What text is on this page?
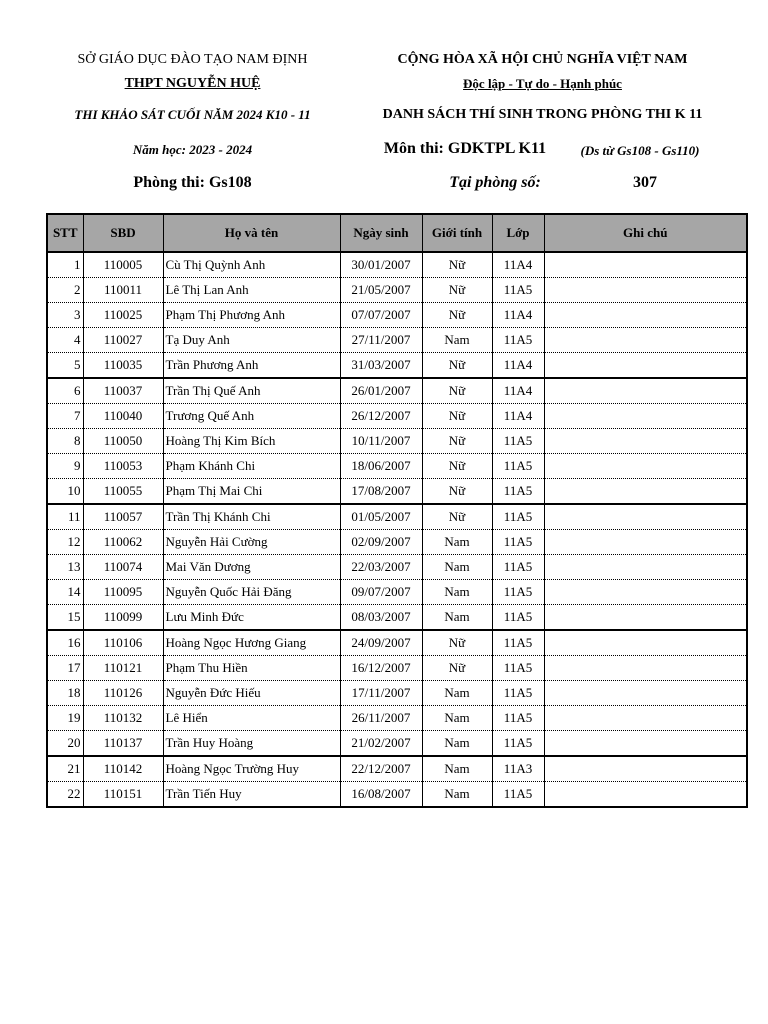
SỞ GIÁO DỤC ĐÀO TẠO NAM ĐỊNH
THPT NGUYỄN HUỆ
THI KHẢO SÁT CUỐI NĂM 2024 K10 - 11
Năm học: 2023 - 2024
Phòng thi: Gs108
CỘNG HÒA XÃ HỘI CHỦ NGHĨA VIỆT NAM
Độc lập - Tự do - Hạnh phúc
DANH SÁCH THÍ SINH TRONG PHÒNG THI K 11
Môn thi: GDKTPL K11	(Ds từ Gs108 - Gs110)
Tại phòng số:	307
STT	SBD	Họ và tên	Ngày sinh	Giới tính	Lớp	Ghi chú
1	110005	Cù Thị Quỳnh Anh	30/01/2007	Nữ	11A4	
2	110011	Lê Thị Lan Anh	21/05/2007	Nữ	11A5	
3	110025	Phạm Thị Phương Anh	07/07/2007	Nữ	11A4	
4	110027	Tạ Duy Anh	27/11/2007	Nam	11A5	
5	110035	Trần Phương Anh	31/03/2007	Nữ	11A4	
6	110037	Trần Thị Quế Anh	26/01/2007	Nữ	11A4	
7	110040	Trương Quế Anh	26/12/2007	Nữ	11A4	
8	110050	Hoàng Thị Kim Bích	10/11/2007	Nữ	11A5	
9	110053	Phạm Khánh Chi	18/06/2007	Nữ	11A5	
10	110055	Phạm Thị Mai Chi	17/08/2007	Nữ	11A5	
11	110057	Trần Thị Khánh Chi	01/05/2007	Nữ	11A5	
12	110062	Nguyễn Hải Cường	02/09/2007	Nam	11A5	
13	110074	Mai Văn Dương	22/03/2007	Nam	11A5	
14	110095	Nguyễn Quốc Hải Đăng	09/07/2007	Nam	11A5	
15	110099	Lưu Minh Đức	08/03/2007	Nam	11A5	
16	110106	Hoàng Ngọc Hương Giang	24/09/2007	Nữ	11A5	
17	110121	Phạm Thu Hiền	16/12/2007	Nữ	11A5	
18	110126	Nguyễn Đức Hiếu	17/11/2007	Nam	11A5	
19	110132	Lê Hiển	26/11/2007	Nam	11A5	
20	110137	Trần Huy Hoàng	21/02/2007	Nam	11A5	
21	110142	Hoàng Ngọc Trường Huy	22/12/2007	Nam	11A3	
22	110151	Trần Tiến Huy	16/08/2007	Nam	11A5	
